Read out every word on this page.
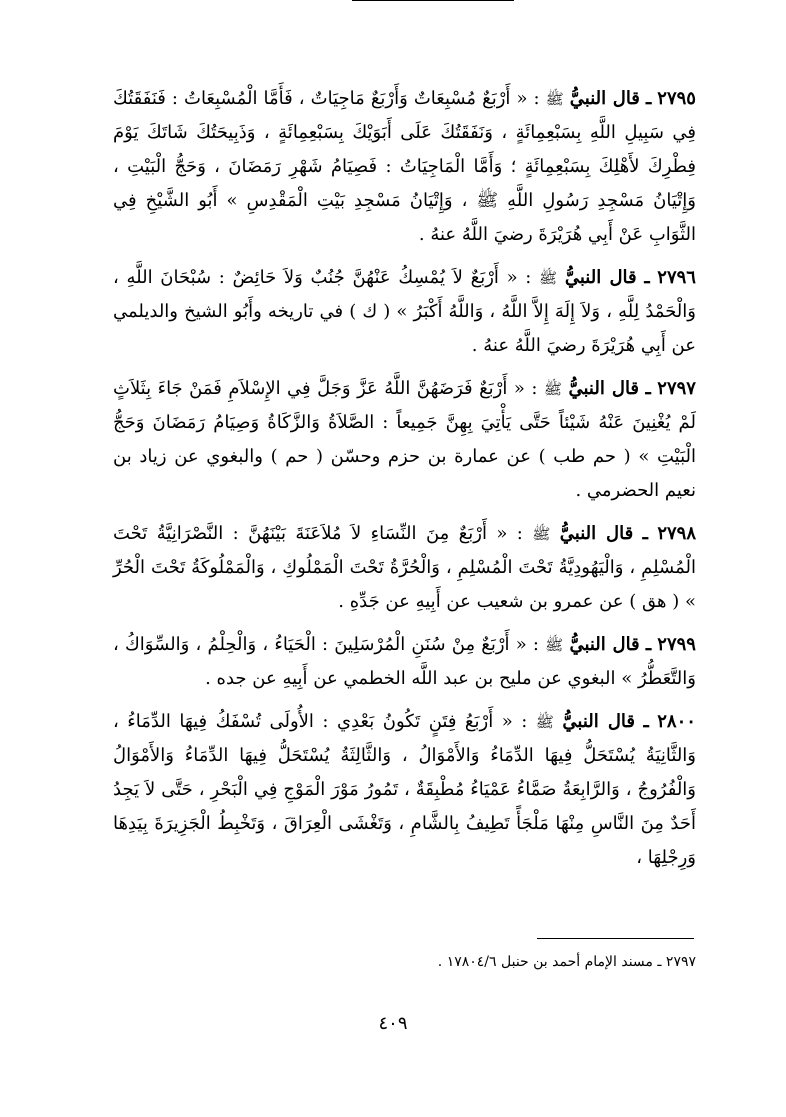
٢٧٩٥ ـ قال النبيُّ ﷺ : « أَرْبَعٌ مُسْبِعَاتٌ وَأَرْبَعٌ مَاجِيَاتٌ ، فَأَمَّا الْمُسْبِعَاتُ : فَنَفَقَتُكَ فِي سَبِيلِ اللَّهِ بِسَبْعِمِائَةٍ ، وَنَفَقَتُكَ عَلَى أَبَوَيْكَ بِسَبْعِمِائَةٍ ، وَذَبِيحَتُكَ شَاتَكَ يَوْمَ فِطْرِكَ لأَهْلِكَ بِسَبْعِمِائَةٍ ؛ وَأَمَّا الْمَاجِيَاتُ : فَصِيَامُ شَهْرِ رَمَضَانَ ، وَحَجُّ الْبَيْتِ ، وَإِتْيَانُ مَسْجِدِ رَسُولِ اللَّهِ ﷺ ، وَإِتْيَانُ مَسْجِدِ بَيْتِ الْمَقْدِسِ » أَبُو الشَّيْخِ فِي الثَّوَابِ عَنْ أَبِي هُرَيْرَةَ رضيَ اللَّهُ عنهُ .

٢٧٩٦ ـ قال النبيُّ ﷺ : « أَرْبَعٌ لاَ يُمْسِكُ عَنْهُنَّ جُنُبٌ وَلاَ حَائِضٌ : سُبْحَانَ اللَّهِ ، وَالْحَمْدُ لِلَّهِ ، وَلاَ إِلَهَ إِلاَّ اللَّهُ ، وَاللَّهُ أَكْبَرُ » ( ك ) في تاريخه وأَبُو الشيخ والديلمي عن أَبِي هُرَيْرَةَ رضيَ اللَّهُ عنهُ .

٢٧٩٧ ـ قال النبيُّ ﷺ : « أَرْبَعٌ فَرَضَهُنَّ اللَّهُ عَزَّ وَجَلَّ فِي الإِسْلاَمِ فَمَنْ جَاءَ بِثَلاَثٍ لَمْ يُغْنِينَ عَنْهُ شَيْئاً حَتَّى يَأْتِيَ بِهِنَّ جَمِيعاً : الصَّلاَةُ وَالزَّكَاةُ وَصِيَامُ رَمَضَانَ وَحَجُّ الْبَيْتِ » ( حم طب ) عن عمارة بن حزم وحسّن ( حم ) والبغوي عن زياد بن نعيم الحضرمي .

٢٧٩٨ ـ قال النبيُّ ﷺ : « أَرْبَعٌ مِنَ النِّسَاءِ لاَ مُلاَعَنَةَ بَيْنَهُنَّ : النَّصْرَانِيَّةُ تَحْتَ الْمُسْلِمِ ، وَالْيَهُودِيَّةُ تَحْتَ الْمُسْلِمِ ، وَالْحُرَّةُ تَحْتَ الْمَمْلُوكِ ، وَالْمَمْلُوكَةُ تَحْتَ الْحُرِّ » ( هق ) عن عمرو بن شعيب عن أَبِيهِ عن جَدِّهِ .

٢٧٩٩ ـ قال النبيُّ ﷺ : « أَرْبَعٌ مِنْ سُنَنِ الْمُرْسَلِينَ : الْحَيَاءُ ، وَالْحِلْمُ ، وَالسِّوَاكُ ، وَالتَّعَطُّرُ » البغوي عن مليح بن عبد اللَّه الخطمي عن أَبِيهِ عن جده .

٢٨٠٠ ـ قال النبيُّ ﷺ : « أَرْبَعُ فِتَنٍ تَكُونُ بَعْدِي : الأُولَى تُسْفَكُ فِيهَا الدِّمَاءُ ، وَالثَّانِيَةُ يُسْتَحَلُّ فِيهَا الدِّمَاءُ وَالأَمْوَالُ ، وَالثَّالِثَةُ يُسْتَحَلُّ فِيهَا الدِّمَاءُ وَالأَمْوَالُ وَالْفُرُوجُ ، وَالرَّابِعَةُ صَمَّاءُ عَمْيَاءُ مُطْبِقَةٌ ، تَمُورُ مَوْرَ الْمَوْجِ فِي الْبَحْرِ ، حَتَّى لاَ يَجِدُ أَحَدٌ مِنَ النَّاسِ مِنْهَا مَلْجَأً تَطِيفُ بِالشَّامِ ، وَتَغْشَى الْعِرَاقَ ، وَتَخْبِطُ الْجَزِيرَةَ بِيَدِهَا وَرِجْلِهَا ،

٢٧٩٧ ـ مسند الإمام أحمد بن حنبل ١٧٨٠٤/٦ .
٤٠٩
